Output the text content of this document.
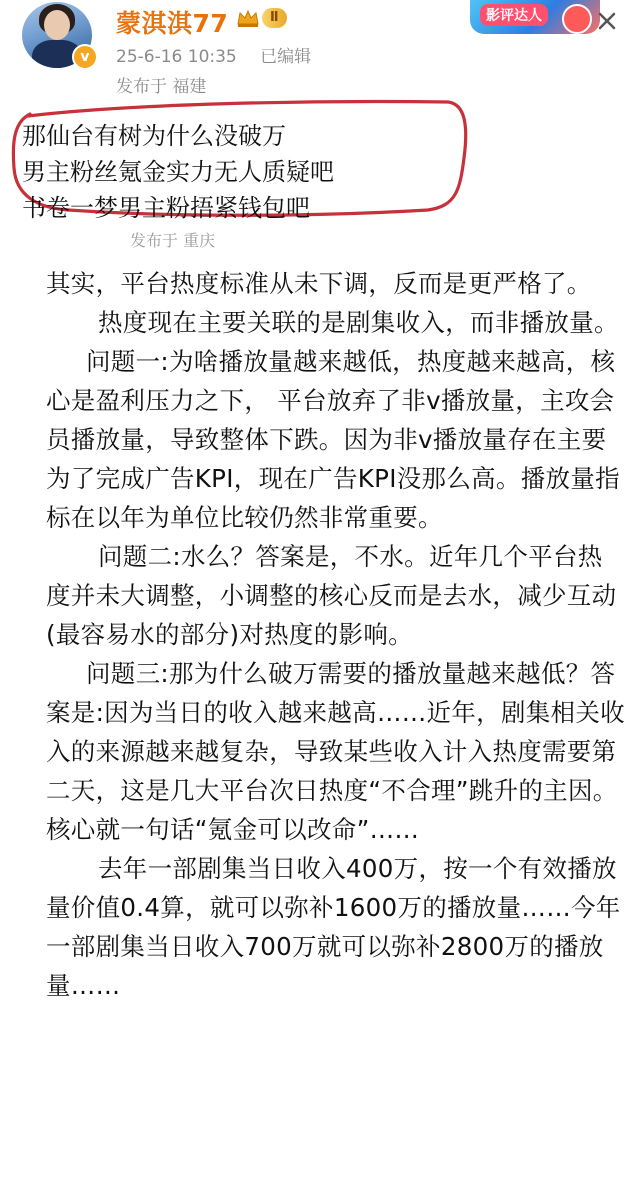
v
蒙淇淇77	Ⅱ
25-6-16 10:35 已编辑
发布于 福建
影评达人
那仙台有树为什么没破万
男主粉丝氪金实力无人质疑吧
书卷一梦男主粉捂紧钱包吧
发布于 重庆

其实，平台热度标准从未下调，反而是更严格了。

热度现在主要关联的是剧集收入，而非播放量。

问题一:为啥播放量越来越低，热度越来越高，核心是盈利压力之下， 平台放弃了非v播放量，主攻会员播放量，导致整体下跌。因为非v播放量存在主要为了完成广告KPI，现在广告KPI没那么高。播放量指标在以年为单位比较仍然非常重要。

问题二:水么？答案是，不水。近年几个平台热度并未大调整，小调整的核心反而是去水，减少互动(最容易水的部分)对热度的影响。

问题三:那为什么破万需要的播放量越来越低？答案是:因为当日的收入越来越高……近年，剧集相关收入的来源越来越复杂，导致某些收入计入热度需要第二天，这是几大平台次日热度“不合理”跳升的主因。核心就一句话“氪金可以改命”……

去年一部剧集当日收入400万，按一个有效播放量价值0.4算，就可以弥补1600万的播放量……今年一部剧集当日收入700万就可以弥补2800万的播放量……
